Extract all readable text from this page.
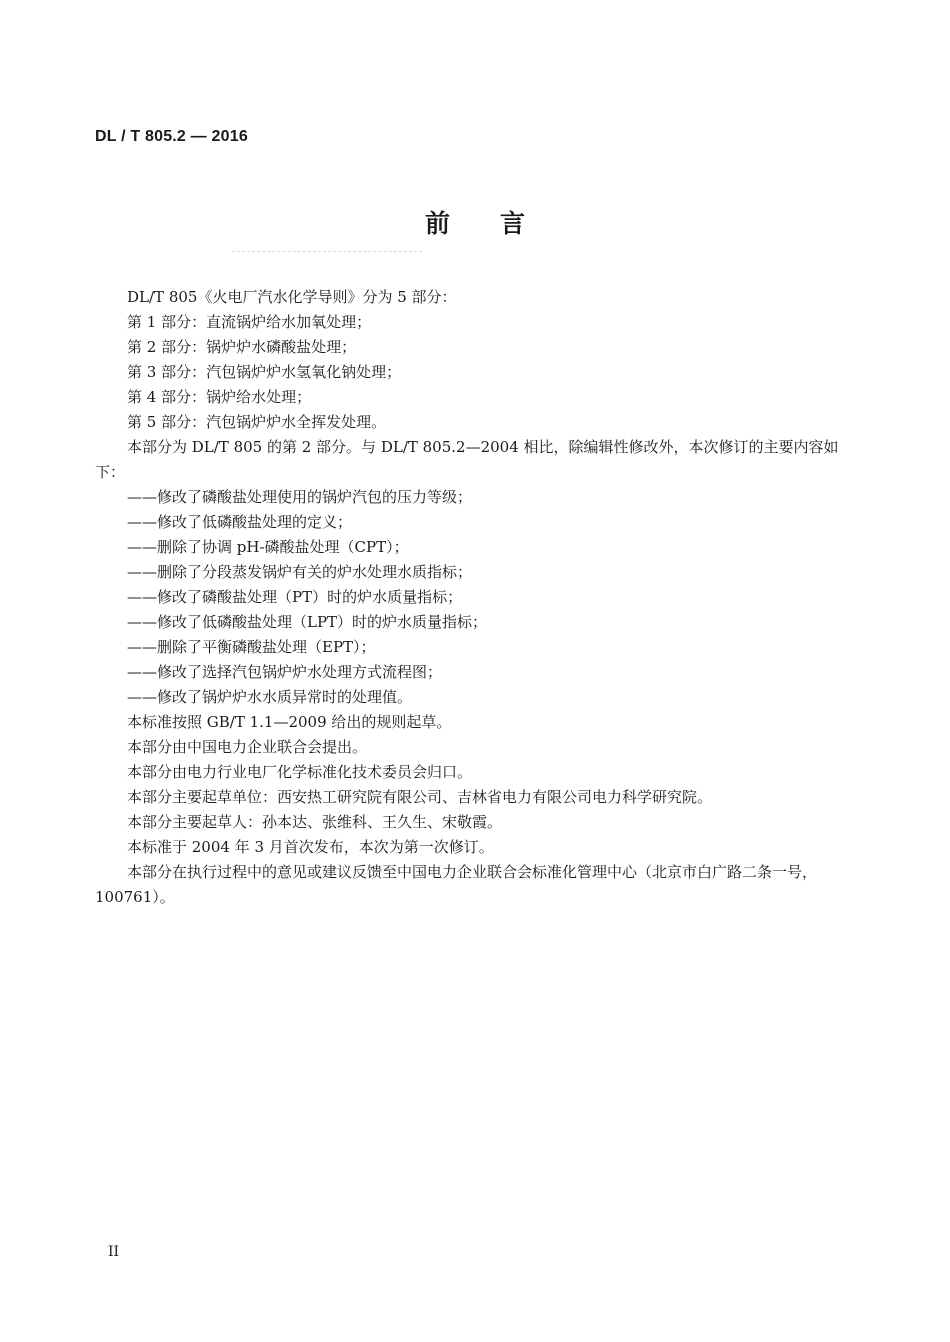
DL / T 805.2 — 2016
前言

DL/T 805《火电厂汽水化学导则》分为 5 部分：

第 1 部分：直流锅炉给水加氧处理；

第 2 部分：锅炉炉水磷酸盐处理；

第 3 部分：汽包锅炉炉水氢氧化钠处理；

第 4 部分：锅炉给水处理；

第 5 部分：汽包锅炉炉水全挥发处理。

本部分为 DL/T 805 的第 2 部分。与 DL/T 805.2—2004 相比，除编辑性修改外，本次修订的主要内容如下：

——修改了磷酸盐处理使用的锅炉汽包的压力等级；

——修改了低磷酸盐处理的定义；

——删除了协调 pH-磷酸盐处理（CPT）；

——删除了分段蒸发锅炉有关的炉水处理水质指标；

——修改了磷酸盐处理（PT）时的炉水质量指标；

——修改了低磷酸盐处理（LPT）时的炉水质量指标；

——删除了平衡磷酸盐处理（EPT）；

——修改了选择汽包锅炉炉水处理方式流程图；

——修改了锅炉炉水水质异常时的处理值。

本标准按照 GB/T 1.1—2009 给出的规则起草。

本部分由中国电力企业联合会提出。

本部分由电力行业电厂化学标准化技术委员会归口。

本部分主要起草单位：西安热工研究院有限公司、吉林省电力有限公司电力科学研究院。

本部分主要起草人：孙本达、张维科、王久生、宋敬霞。

本标准于 2004 年 3 月首次发布，本次为第一次修订。

本部分在执行过程中的意见或建议反馈至中国电力企业联合会标准化管理中心（北京市白广路二条一号，100761）。

II
